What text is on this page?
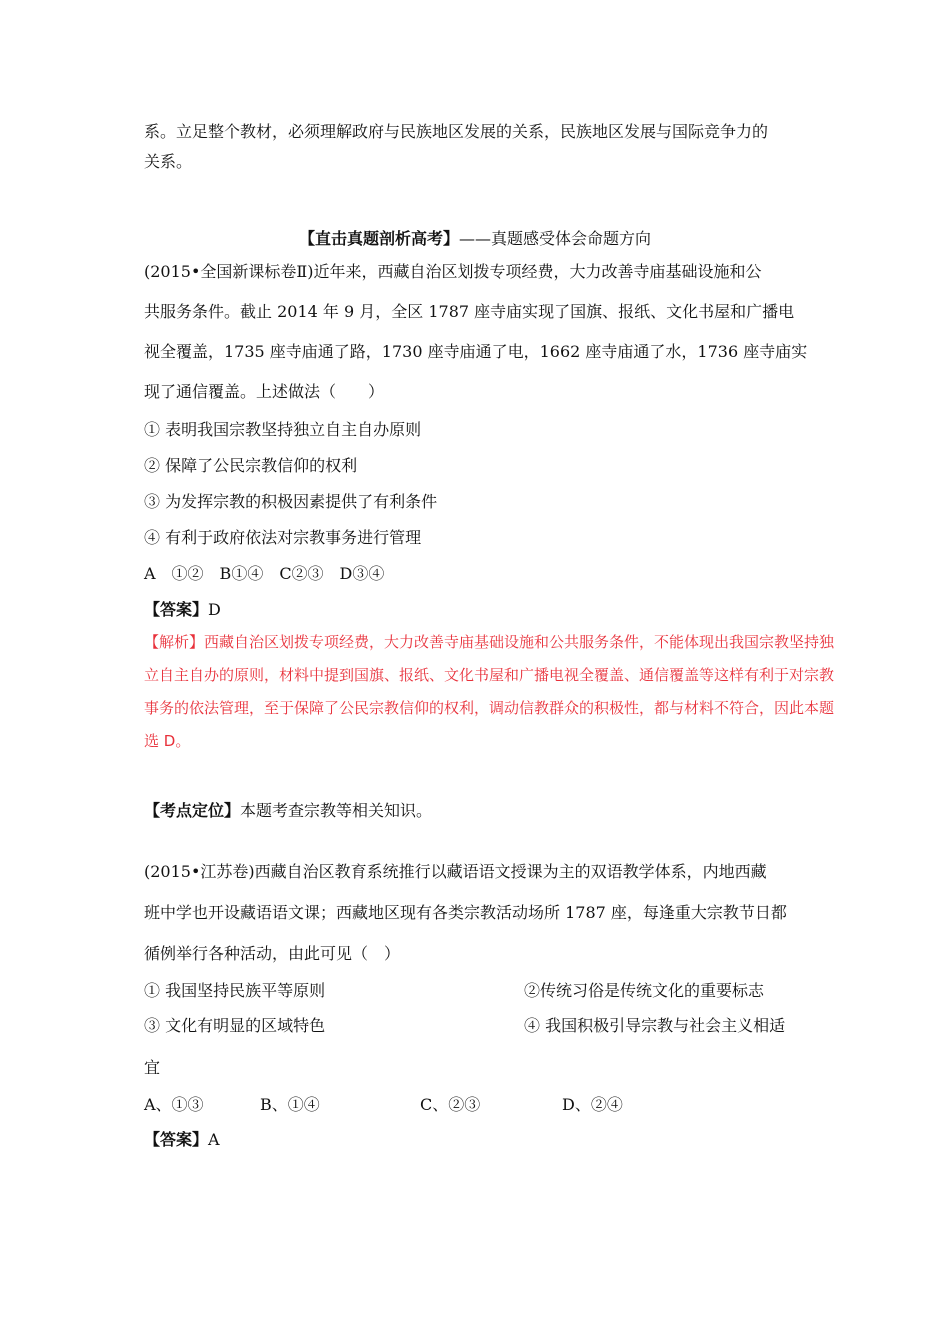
系。立足整个教材，必须理解政府与民族地区发展的关系，民族地区发展与国际竞争力的
关系。
【直击真题剖析高考】——真题感受体会命题方向
(2015•全国新课标卷Ⅱ)近年来，西藏自治区划拨专项经费，大力改善寺庙基础设施和公
共服务条件。截止 2014 年 9 月，全区 1787 座寺庙实现了国旗、报纸、文化书屋和广播电
视全覆盖，1735 座寺庙通了路，1730 座寺庙通了电，1662 座寺庙通了水，1736 座寺庙实
现了通信覆盖。上述做法（　　）
① 表明我国宗教坚持独立自主自办原则
② 保障了公民宗教信仰的权利
③ 为发挥宗教的积极因素提供了有利条件
④ 有利于政府依法对宗教事务进行管理
A　①②　B①④　C②③　D③④
【答案】D
【解析】西藏自治区划拨专项经费，大力改善寺庙基础设施和公共服务条件，不能体现出我国宗教坚持独
立自主自办的原则，材料中提到国旗、报纸、文化书屋和广播电视全覆盖、通信覆盖等这样有利于对宗教
事务的依法管理，至于保障了公民宗教信仰的权利，调动信教群众的积极性，都与材料不符合，因此本题
选 D。
【考点定位】本题考查宗教等相关知识。
(2015•江苏卷)西藏自治区教育系统推行以藏语语文授课为主的双语教学体系，内地西藏
班中学也开设藏语语文课；西藏地区现有各类宗教活动场所 1787 座，每逢重大宗教节日都
循例举行各种活动，由此可见（　）
① 我国坚持民族平等原则	②传统习俗是传统文化的重要标志
③ 文化有明显的区域特色	④ 我国积极引导宗教与社会主义相适
宜
A、①③	B、①④	C、②③	D、②④
【答案】A
